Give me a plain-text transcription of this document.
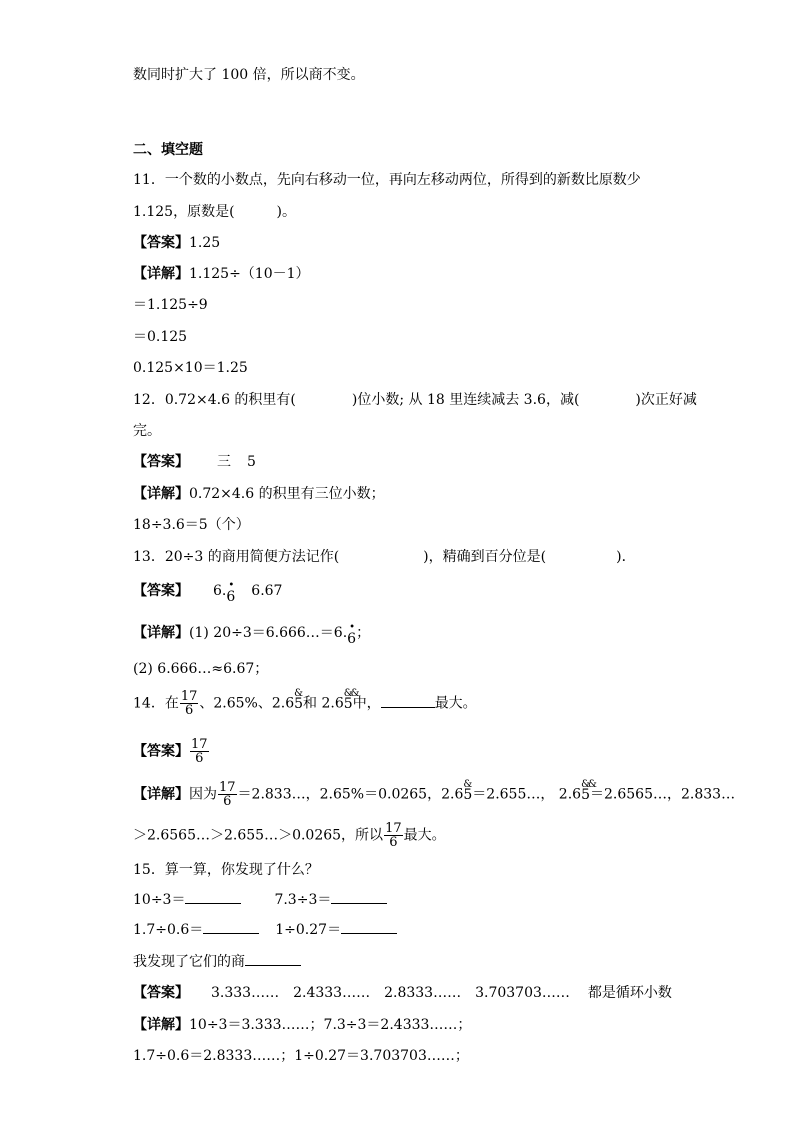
数同时扩大了 100 倍，所以商不变。
二、填空题
11．一个数的小数点，先向右移动一位，再向左移动两位，所得到的新数比原数少
1.125，原数是(　　　)。
【答案】1.25
【详解】1.125÷（10－1）
＝1.125÷9
＝0.125
0.125×10＝1.25
12．0.72×4.6 的积里有(　　　　)位小数; 从 18 里连续减去 3.6，减(　　　　)次正好减
完。
【答案】 三 5
【详解】0.72×4.6 的积里有三位小数；
18÷3.6＝5（个）
13．20÷3 的商用简便方法记作(　　　　　　)，精确到百分位是(　　　　　)．
【答案】 6. •
6 6.67
【详解】(1) 20÷3＝6.666…＝6. •
6；
(2) 6.666…≈6.67；
14．在 $\frac{17}{6}$ 、2.65%、2.6
&
5和 2.6
&&
5中，	最大。
【答案】 $\frac{17}{6}$
【详解】因为 $\frac{17}{6}$ ＝2.833…，2.65%＝0.0265，2.6
&
5＝2.655…， 2.6
&&
5＝2.6565…，2.833…
＞2.6565…＞2.655…＞0.0265，所以 $\frac{17}{6}$ 最大。
15．算一算，你发现了什么？
10÷3＝	7.3÷3＝
1.7÷0.6＝	1÷0.27＝
我发现了它们的商
【答案】 3.333…… 2.4333…… 2.8333…… 3.703703…… 都是循环小数
【详解】10÷3＝3.333……；7.3÷3＝2.4333……；
1.7÷0.6＝2.8333……；1÷0.27＝3.703703……；
